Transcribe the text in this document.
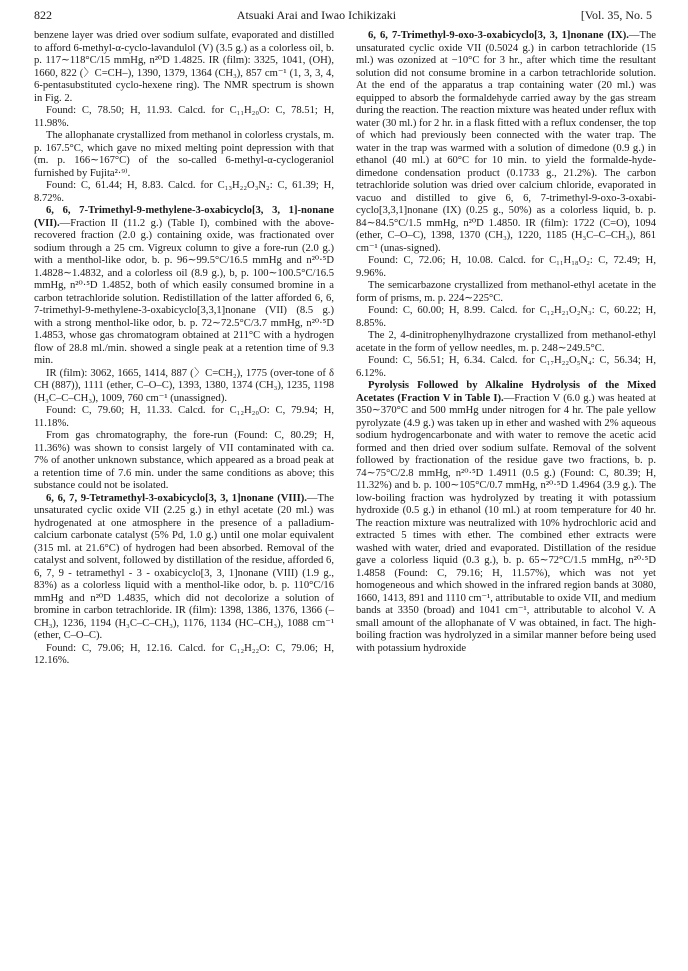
822	Atsuaki Arai and Iwao Ichikizaki	[Vol. 35, No. 5

benzene layer was dried over sodium sulfate, evaporated and distilled to afford 6-methyl-α-cyclo-lavandulol (V) (3.5 g.) as a colorless oil, b. p. 117∼118°C/15 mmHg, n²⁰D 1.4825. IR (film): 3325, 1041, (OH), 1660, 822 (〉C=CH–), 1390, 1379, 1364 (CH₃), 857 cm⁻¹ (1, 3, 3, 4, 6-pentasubstituted cyclo-hexene ring). The NMR spectrum is shown in Fig. 2.

Found: C, 78.50; H, 11.93. Calcd. for C₁₁H₂₀O: C, 78.51; H, 11.98%.

The allophanate crystallized from methanol in colorless crystals, m. p. 167.5°C, which gave no mixed melting point depression with that (m. p. 166∼167°C) of the so-called 6-methyl-α-cyclogeraniol furnished by Fujita²·⁹⁾.

Found: C, 61.44; H, 8.83. Calcd. for C₁₃H₂₂O₃N₂: C, 61.39; H, 8.72%.

6, 6, 7-Trimethyl-9-methylene-3-oxabicyclo[3, 3, 1]-nonane (VII).—Fraction II (11.2 g.) (Table I), combined with the above-recovered fraction (2.0 g.) containing oxide, was fractionated over sodium through a 25 cm. Vigreux column to give a fore-run (2.0 g.) with a menthol-like odor, b. p. 96∼99.5°C/16.5 mmHg and n²⁰·⁵D 1.4828∼1.4832, and a colorless oil (8.9 g.), b, p. 100∼100.5°C/16.5 mmHg, n²⁰·⁵D 1.4852, both of which easily consumed bromine in a carbon tetrachloride solution. Redistillation of the latter afforded 6, 6, 7-trimethyl-9-methylene-3-oxabicyclo[3,3,1]nonane (VII) (8.5 g.) with a strong menthol-like odor, b. p. 72∼72.5°C/3.7 mmHg, n²⁰·⁵D 1.4853, whose gas chromatogram obtained at 211°C with a hydrogen flow of 28.8 ml./min. showed a single peak at a retention time of 9.3 min.

IR (film): 3062, 1665, 1414, 887 (〉C=CH₂), 1775 (over-tone of δ CH (887)), 1111 (ether, C–O–C), 1393, 1380, 1374 (CH₃), 1235, 1198 (H₃C–C–CH₃), 1009, 760 cm⁻¹ (unassigned).

Found: C, 79.60; H, 11.33. Calcd. for C₁₂H₂₀O: C, 79.94; H, 11.18%.

From gas chromatography, the fore-run (Found: C, 80.29; H, 11.36%) was shown to consist largely of VII contaminated with ca. 7% of another unknown substance, which appeared as a broad peak at a retention time of 7.6 min. under the same conditions as above; this substance could not be isolated.

6, 6, 7, 9-Tetramethyl-3-oxabicyclo[3, 3, 1]nonane (VIII).—The unsaturated cyclic oxide VII (2.25 g.) in ethyl acetate (20 ml.) was hydrogenated at one atmosphere in the presence of a palladium-calcium carbonate catalyst (5% Pd, 1.0 g.) until one molar equivalent (315 ml. at 21.6°C) of hydrogen had been absorbed. Removal of the catalyst and solvent, followed by distillation of the residue, afforded 6, 6, 7, 9 - tetramethyl - 3 - oxabicyclo[3, 3, 1]nonane (VIII) (1.9 g., 83%) as a colorless liquid with a menthol-like odor, b. p. 110°C/16 mmHg and n²⁰D 1.4835, which did not decolorize a solution of bromine in carbon tetrachloride. IR (film): 1398, 1386, 1376, 1366 (–CH₃), 1236, 1194 (H₃C–C–CH₃), 1176, 1134 (HC–CH₃), 1088 cm⁻¹ (ether, C–O–C).

Found: C, 79.06; H, 12.16. Calcd. for C₁₂H₂₂O: C, 79.06; H, 12.16%.

6, 6, 7-Trimethyl-9-oxo-3-oxabicyclo[3, 3, 1]nonane (IX).—The unsaturated cyclic oxide VII (0.5024 g.) in carbon tetrachloride (15 ml.) was ozonized at −10°C for 3 hr., after which time the resultant solution did not consume bromine in a carbon tetrachloride solution. At the end of the apparatus a trap containing water (20 ml.) was equipped to absorb the formaldehyde carried away by the gas stream during the reaction. The reaction mixture was heated under reflux with water (30 ml.) for 2 hr. in a flask fitted with a reflux condenser, the top of which had previously been connected with the water trap. The water in the trap was warmed with a solution of dimedone (0.9 g.) in ethanol (40 ml.) at 60°C for 10 min. to yield the formalde-hyde-dimedone condensation product (0.1733 g., 21.2%). The carbon tetrachloride solution was dried over calcium chloride, evaporated in vacuo and distilled to give 6, 6, 7-trimethyl-9-oxo-3-oxabi-cyclo[3,3,1]nonane (IX) (0.25 g., 50%) as a colorless liquid, b. p. 84∼84.5°C/1.5 mmHg, n²⁰D 1.4850. IR (film): 1722 (C=O), 1094 (ether, C–O–C), 1398, 1370 (CH₃), 1220, 1185 (H₃C–C–CH₃), 861 cm⁻¹ (unas-signed).

Found: C, 72.06; H, 10.08. Calcd. for C₁₁H₁₈O₂: C, 72.49; H, 9.96%.

The semicarbazone crystallized from methanol-ethyl acetate in the form of prisms, m. p. 224∼225°C.

Found: C, 60.00; H, 8.99. Calcd. for C₁₂H₂₁O₂N₃: C, 60.22; H, 8.85%.

The 2, 4-dinitrophenylhydrazone crystallized from methanol-ethyl acetate in the form of yellow needles, m. p. 248∼249.5°C.

Found: C, 56.51; H, 6.34. Calcd. for C₁₇H₂₂O₅N₄: C, 56.34; H, 6.12%.

Pyrolysis Followed by Alkaline Hydrolysis of the Mixed Acetates (Fraction V in Table I).—Fraction V (6.0 g.) was heated at 350∼370°C and 500 mmHg under nitrogen for 4 hr. The pale yellow pyrolyzate (4.9 g.) was taken up in ether and washed with 2% aqueous sodium hydrogencarbonate and with water to remove the acetic acid formed and then dried over sodium sulfate. Removal of the solvent followed by fractionation of the residue gave two fractions, b. p. 74∼75°C/2.8 mmHg, n²⁰·⁵D 1.4911 (0.5 g.) (Found: C, 80.39; H, 11.32%) and b. p. 100∼105°C/0.7 mmHg, n²⁰·⁵D 1.4964 (3.9 g.). The low-boiling fraction was hydrolyzed by treating it with potassium hydroxide (0.5 g.) in ethanol (10 ml.) at room temperature for 40 hr. The reaction mixture was neutralized with 10% hydrochloric acid and extracted 5 times with ether. The combined ether extracts were washed with water, dried and evaporated. Distillation of the residue gave a colorless liquid (0.3 g.), b. p. 65∼72°C/1.5 mmHg, n²⁰·⁵D 1.4858 (Found: C, 79.16; H, 11.57%), which was not yet homogeneous and which showed in the infrared region bands at 3080, 1660, 1413, 891 and 1110 cm⁻¹, attributable to oxide VII, and medium bands at 3350 (broad) and 1041 cm⁻¹, attributable to alcohol V. A small amount of the allophanate of V was obtained, in fact. The high-boiling fraction was hydrolyzed in a similar manner before being used with potassium hydroxide
